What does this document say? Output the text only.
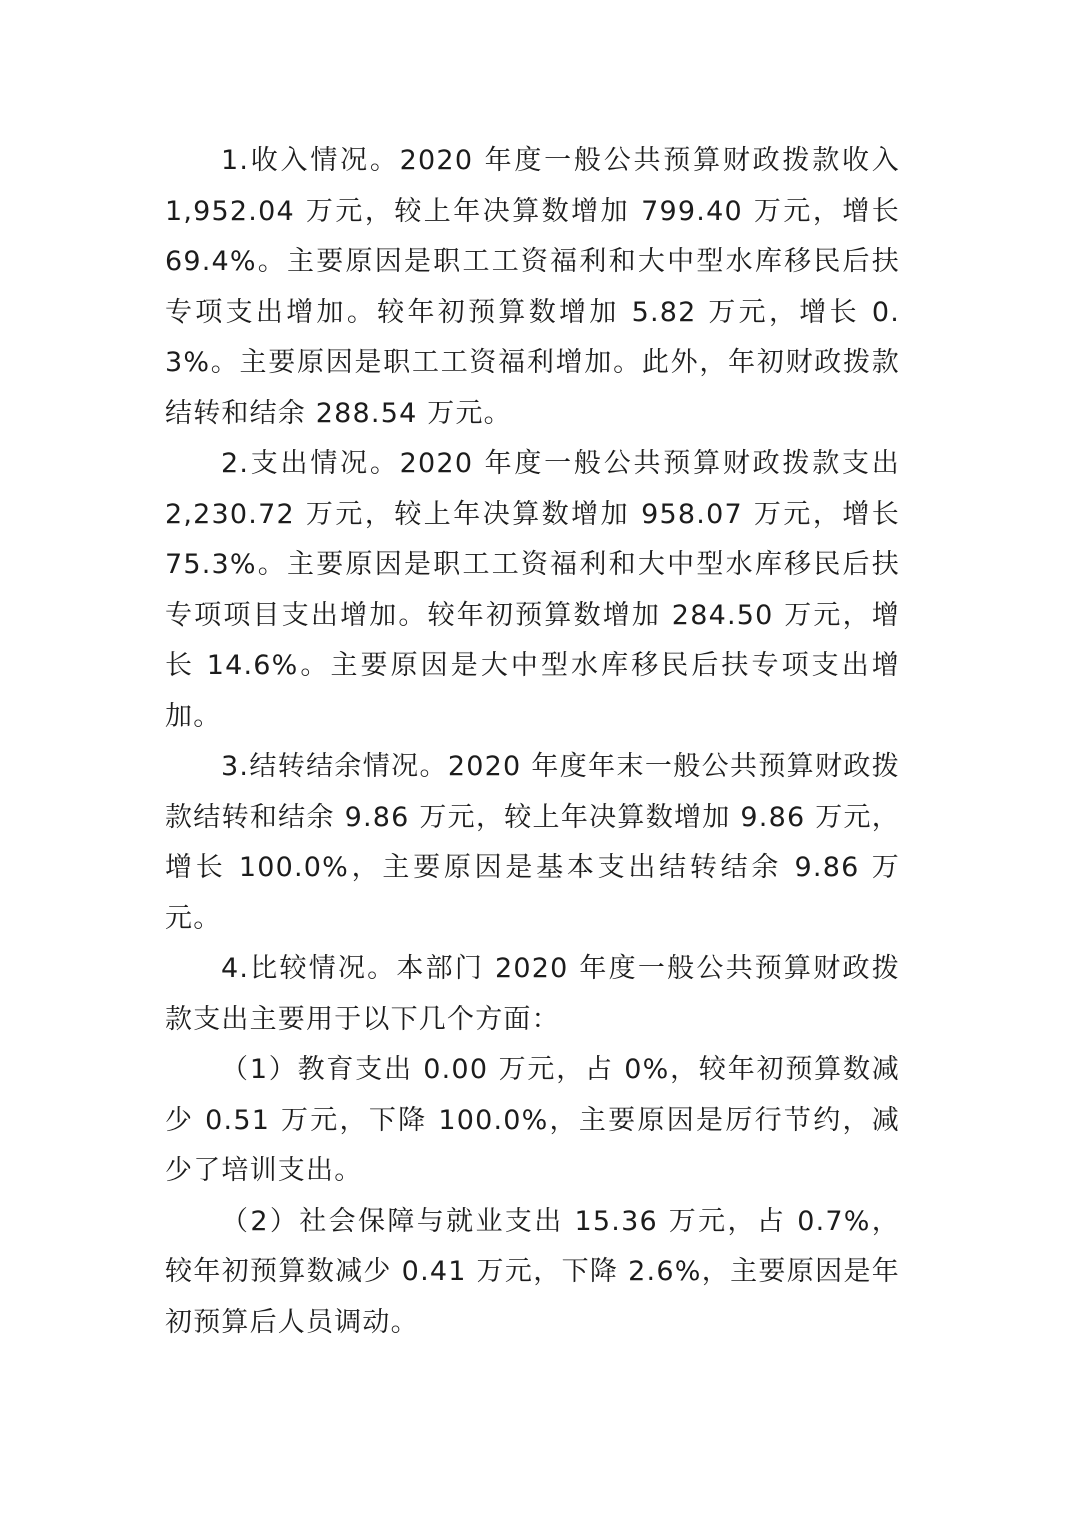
1.收入情况。2020 年度一般公共预算财政拨款收入 1,952.04 万元，较上年决算数增加 799.40 万元，增长 69.4%。主要原因是职工工资福利和大中型水库移民后扶专项支出增加。较年初预算数增加 5.82 万元，增长 0.3%。主要原因是职工工资福利增加。此外，年初财政拨款结转和结余 288.54 万元。

2.支出情况。2020 年度一般公共预算财政拨款支出 2,230.72 万元，较上年决算数增加 958.07 万元，增长 75.3%。主要原因是职工工资福利和大中型水库移民后扶专项项目支出增加。较年初预算数增加 284.50 万元，增长 14.6%。主要原因是大中型水库移民后扶专项支出增加。

3.结转结余情况。2020 年度年末一般公共预算财政拨款结转和结余 9.86 万元，较上年决算数增加 9.86 万元，增长 100.0%，主要原因是基本支出结转结余 9.86 万元。

4.比较情况。本部门 2020 年度一般公共预算财政拨款支出主要用于以下几个方面：

（1）教育支出 0.00 万元，占 0%，较年初预算数减少 0.51 万元，下降 100.0%，主要原因是厉行节约，减少了培训支出。

（2）社会保障与就业支出 15.36 万元，占 0.7%，较年初预算数减少 0.41 万元，下降 2.6%，主要原因是年初预算后人员调动。
